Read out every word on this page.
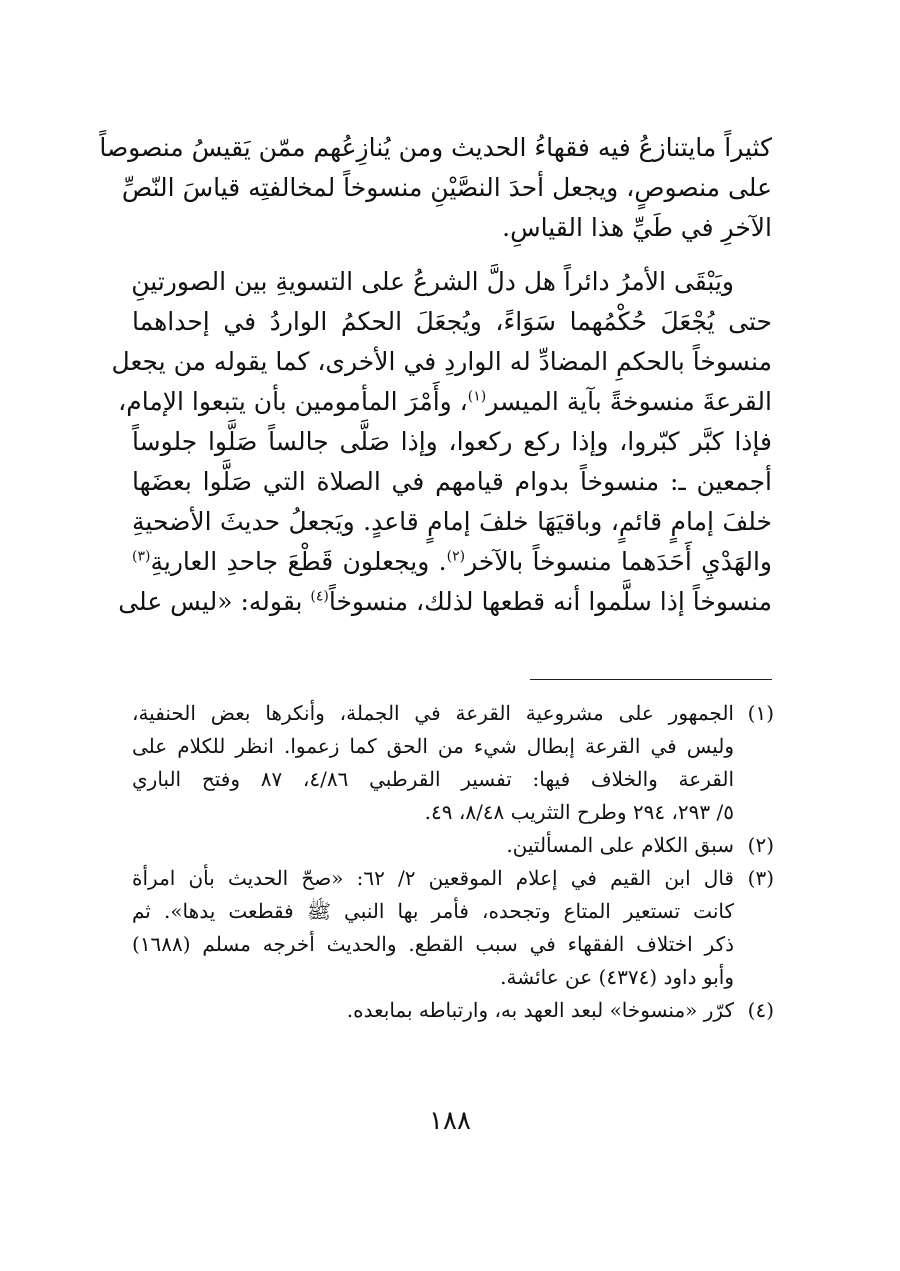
كثيراً مايتنازعُ فيه فقهاءُ الحديث ومن يُنازِعُهم ممّن يَقيسُ منصوصاً
على منصوصٍ، ويجعل أحدَ النصَّيْنِ منسوخاً لمخالفتِه قياسَ النّصِّ
الآخرِ في طَيِّ هذا القياسِ.
ويَبْقَى الأمرُ دائراً هل دلَّ الشرعُ على التسويةِ بين الصورتينِ
حتى يُجْعَلَ حُكْمُهما سَوَاءً، ويُجعَلَ الحكمُ الواردُ في إحداهما
منسوخاً بالحكمِ المضادِّ له الواردِ في الأخرى، كما يقوله من يجعل
القرعةَ منسوخةً بآية الميسر$^{(١)}$، وأَمْرَ المأمومين بأن يتبعوا الإمام،
فإذا كبَّر كبّروا، وإذا ركع ركعوا، وإذا صَلَّى جالساً صَلَّوا جلوساً
أجمعين ـ: منسوخاً بدوام قيامهم في الصلاة التي صَلَّوا بعضَها
خلفَ إمامٍ قائمٍ، وباقيَهَا خلفَ إمامٍ قاعدٍ. ويَجعلُ حديثَ الأضحيةِ
والهَدْيِ أَحَدَهما منسوخاً بالآخر$^{(٢)}$. ويجعلون قَطْعَ جاحدِ العاريةِ$^{(٣)}$
منسوخاً إذا سلَّموا أنه قطعها لذلك، منسوخاً$^{(٤)}$ بقوله: «ليس على
(١)
الجمهور على مشروعية القرعة في الجملة، وأنكرها بعض الحنفية،
وليس في القرعة إبطال شيء من الحق كما زعموا. انظر للكلام على
القرعة والخلاف فيها: تفسير القرطبي ٤/٨٦، ٨٧ وفتح الباري
٥/ ٢٩٣، ٢٩٤ وطرح التثريب ٨/٤٨، ٤٩.
(٢)
سبق الكلام على المسألتين.
(٣)
قال ابن القيم في إعلام الموقعين ٢/ ٦٢: «صحّ الحديث بأن امرأة
كانت تستعير المتاع وتجحده، فأمر بها النبي ﷺ فقطعت يدها». ثم
ذكر اختلاف الفقهاء في سبب القطع. والحديث أخرجه مسلم (١٦٨٨)
وأبو داود (٤٣٧٤) عن عائشة.
(٤)
كرّر «منسوخا» لبعد العهد به، وارتباطه بمابعده.
١٨٨
